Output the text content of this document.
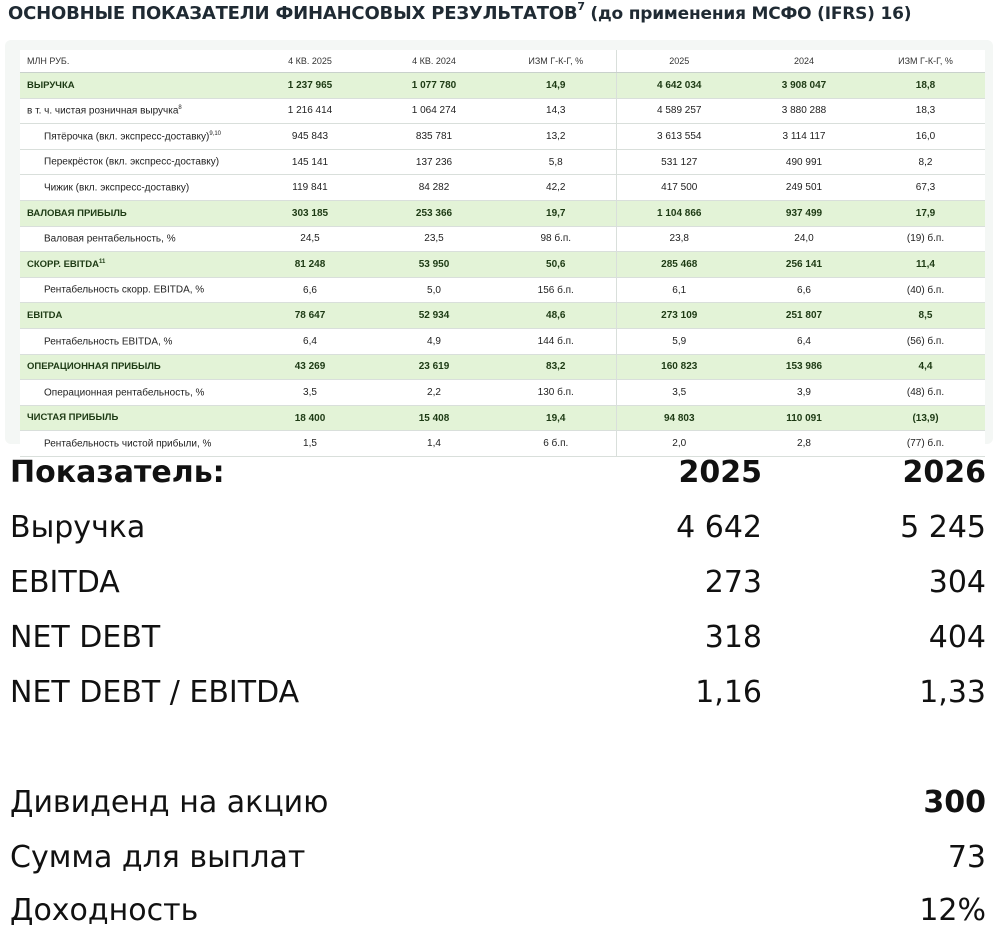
ОСНОВНЫЕ ПОКАЗАТЕЛИ ФИНАНСОВЫХ РЕЗУЛЬТАТОВ$^7$ (до применения МСФО (IFRS) 16)
МЛН РУБ.	4 КВ. 2025	4 КВ. 2024	ИЗМ Г-К-Г, %	2025	2024	ИЗМ Г-К-Г, %
ВЫРУЧКА	1 237 965	1 077 780	14,9	4 642 034	3 908 047	18,8
в т. ч. чистая розничная выручка$^8$	1 216 414	1 064 274	14,3	4 589 257	3 880 288	18,3
Пятёрочка (вкл. экспресс-доставку)$^{9,10}$	945 843	835 781	13,2	3 613 554	3 114 117	16,0
Перекрёсток (вкл. экспресс-доставку)	145 141	137 236	5,8	531 127	490 991	8,2
Чижик (вкл. экспресс-доставку)	119 841	84 282	42,2	417 500	249 501	67,3
ВАЛОВАЯ ПРИБЫЛЬ	303 185	253 366	19,7	1 104 866	937 499	17,9
Валовая рентабельность, %	24,5	23,5	98 б.п.	23,8	24,0	(19) б.п.
СКОРР. EBITDA$^{11}$	81 248	53 950	50,6	285 468	256 141	11,4
Рентабельность скорр. EBITDA, %	6,6	5,0	156 б.п.	6,1	6,6	(40) б.п.
EBITDA	78 647	52 934	48,6	273 109	251 807	8,5
Рентабельность EBITDA, %	6,4	4,9	144 б.п.	5,9	6,4	(56) б.п.
ОПЕРАЦИОННАЯ ПРИБЫЛЬ	43 269	23 619	83,2	160 823	153 986	4,4
Операционная рентабельность, %	3,5	2,2	130 б.п.	3,5	3,9	(48) б.п.
ЧИСТАЯ ПРИБЫЛЬ	18 400	15 408	19,4	94 803	110 091	(13,9)
Рентабельность чистой прибыли, %	1,5	1,4	6 б.п.	2,0	2,8	(77) б.п.
Показатель:	2025	2026
Выручка	4 642	5 245
EBITDA	273	304
NET DEBT	318	404
NET DEBT / EBITDA	1,16	1,33
Дивиденд на акцию	300
Сумма для выплат	73
Доходность	12%
